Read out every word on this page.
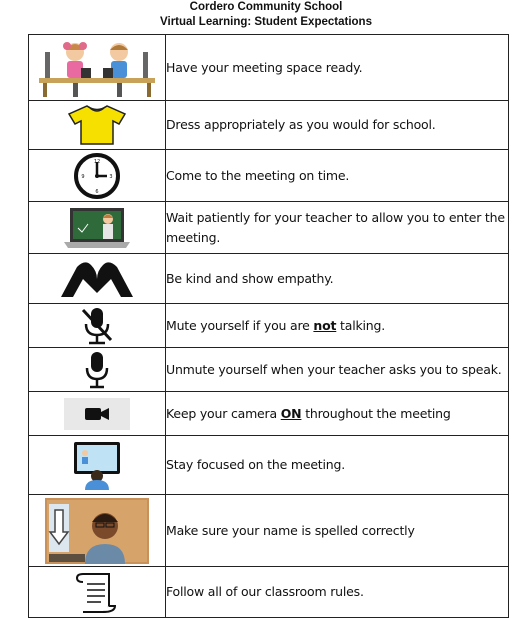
Cordero Community School
Virtual Learning: Student Expectations
	Have your meeting space ready.

	Dress appropriately as you would for school.

12
3
6
9	Come to the meeting on time.

	Wait patiently for your teacher to allow you to enter the meeting.

	Be kind and show empathy.

	Mute yourself if you are not talking.

	Unmute yourself when your teacher asks you to speak.

	Keep your camera ON throughout the meeting

	Stay focused on the meeting.

	Make sure your name is spelled correctly

	Follow all of our classroom rules.
